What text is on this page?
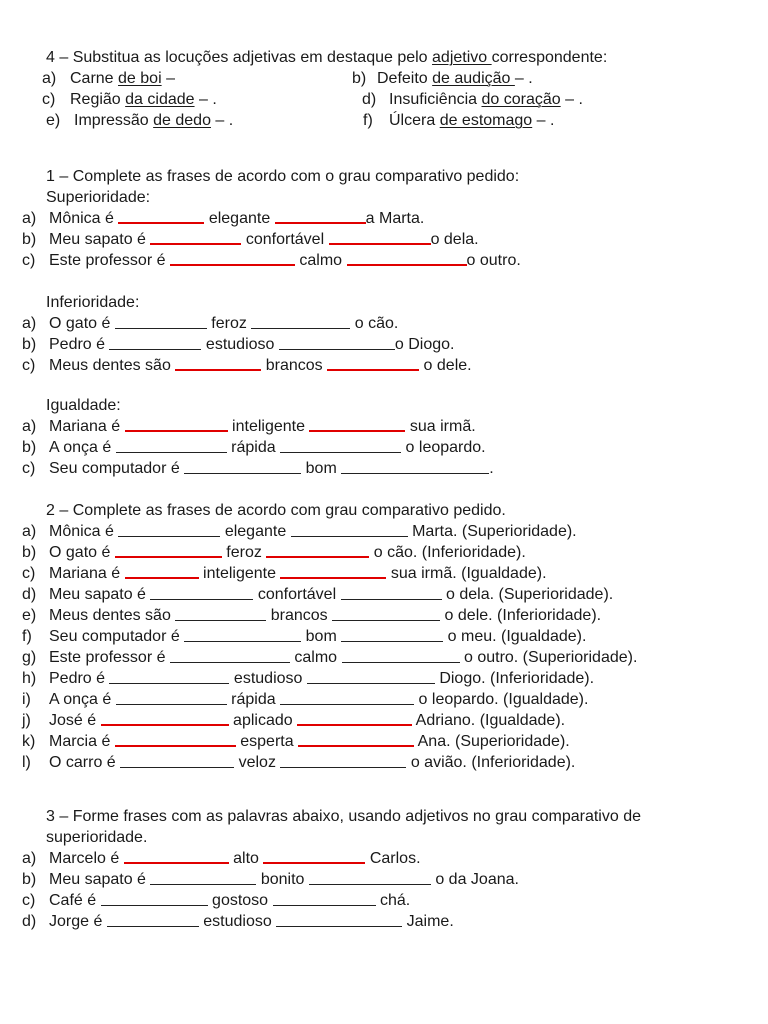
4 – Substitua as locuções adjetivas em destaque pelo adjetivo correspondente:
a) Carne de boi –	b) Defeito de audição – .
c) Região da cidade – .	d) Insuficiência do coração – .
e) Impressão de dedo – .	f) Úlcera de estomago – .
1 – Complete as frases de acordo com o grau comparativo pedido:
Superioridade:
a) Mônica é	elegante	a Marta.
b) Meu sapato é	confortável	o dela.
c) Este professor é	calmo	o outro.
Inferioridade:
a) O gato é	feroz	o cão.
b) Pedro é	estudioso	o Diogo.
c) Meus dentes são	brancos	o dele.
Igualdade:
a) Mariana é	inteligente	sua irmã.
b) A onça é	rápida	o leopardo.
c) Seu computador é	bom	.
2 – Complete as frases de acordo com grau comparativo pedido.
a) Mônica é	elegante	Marta. (Superioridade).
b) O gato é	feroz	o cão. (Inferioridade).
c) Mariana é	inteligente	sua irmã. (Igualdade).
d) Meu sapato é	confortável	o dela. (Superioridade).
e) Meus dentes são	brancos	o dele. (Inferioridade).
f) Seu computador é	bom	o meu. (Igualdade).
g) Este professor é	calmo	o outro. (Superioridade).
h) Pedro é	estudioso	Diogo. (Inferioridade).
i) A onça é	rápida	o leopardo. (Igualdade).
j) José é	aplicado	Adriano. (Igualdade).
k) Marcia é	esperta	Ana. (Superioridade).
l) O carro é	veloz	o avião. (Inferioridade).
3 – Forme frases com as palavras abaixo, usando adjetivos no grau comparativo de
superioridade.
a) Marcelo é	alto	Carlos.
b) Meu sapato é	bonito	o da Joana.
c) Café é	gostoso	chá.
d) Jorge é	estudioso	Jaime.
